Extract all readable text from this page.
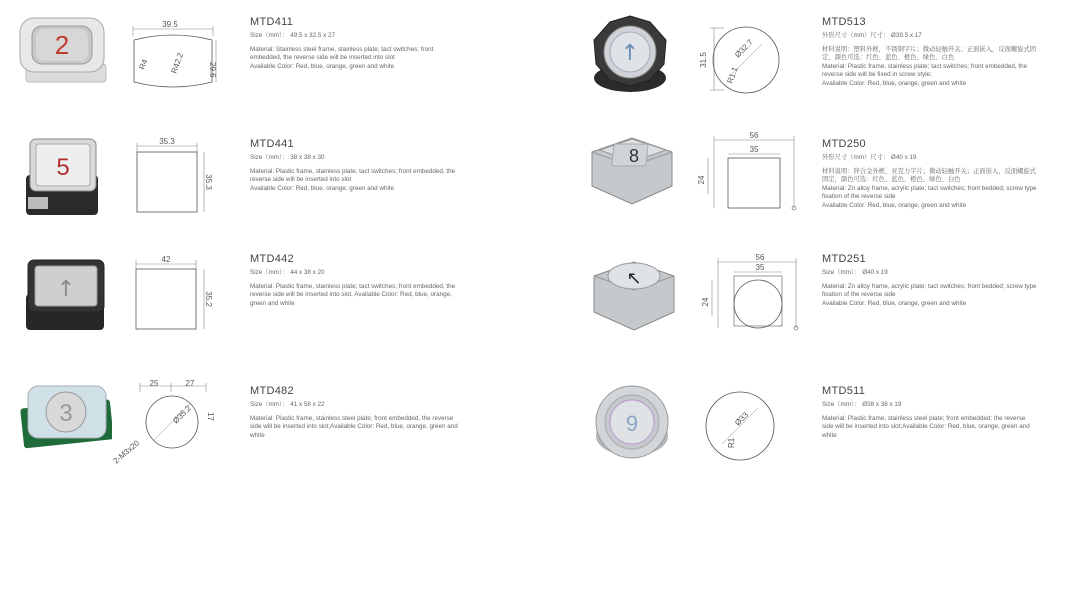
2
39.5
29.6
R4	R42.2
MTD411
Size（mm）： 49.5 x 32.5 x 27
Material: Stainless steel frame, stainless plate; tact switches; front embedded, the reverse side will be inserted into slot
Available Color: Red, blue, orange, green and white
5
35.3
35.3
MTD441
Size（mm）： 38 x 38 x 30
Material: Plastic frame, stainless plate; tact switches; front embedded, the reverse side will be inserted into slot
Available Color: Red, blue, orange, green and white
↑
42
35.2
MTD442
Size（mm）： 44 x 38 x 20
Material: Plastic frame, stainless plate; tact switches; front embedded, the reverse side will be inserted into slot, Available Color: Red, blue, orange, green and white
3
25	27
17
Ø35.2
2-M3x20
MTD482
Size（mm）： 41 x 58 x 22
Material: Plastic frame, stainless steel plate; front embedded, the reverse side will be inserted into slot;Available Color: Red, blue, orange, green and white
↑	31.5
Ø32.7
R1.1
MTD513
外形尺寸（mm）尺寸： Ø39.5 x 17
材料说明：塑料外框，不锈钢字片；微动轻触开关；正面嵌入，反面螺旋式固定，颜色可选：红色、蓝色、橙色、绿色、白色
Material: Plastic frame, stainless plate; tact switches; front embedded, the reverse side will be fixed in screw style;
Available Color: Red, blue, orange, green and white
8
56
35
24
MTD250
外形尺寸（mm）尺寸： Ø40 x 19
材料说明：锌合金外框，亚克力字片；微动轻触开关；正面嵌入，反面螺旋式固定，颜色可选：红色、蓝色、橙色、绿色、白色
Material: Zn alloy frame, acrylic plate; tact switches; front bedded; screw type fixation of the reverse side
Available Color: Red, blue, orange, green and white
↖
56
35
24
MTD251
Size（mm）： Ø40 x 19
Material: Zn alloy frame, acrylic plate; tact switches; front bedded; screw type fixation of the reverse side
Available Color: Red, blue, orange, green and white
9	Ø33
R1
MTD511
Size（mm）： Ø38 x 38 x 19
Material: Plastic frame, stainless steel plate; front embedded; the reverse side will be inserted into slot;Available Color: Red, blue, orange, green and white
